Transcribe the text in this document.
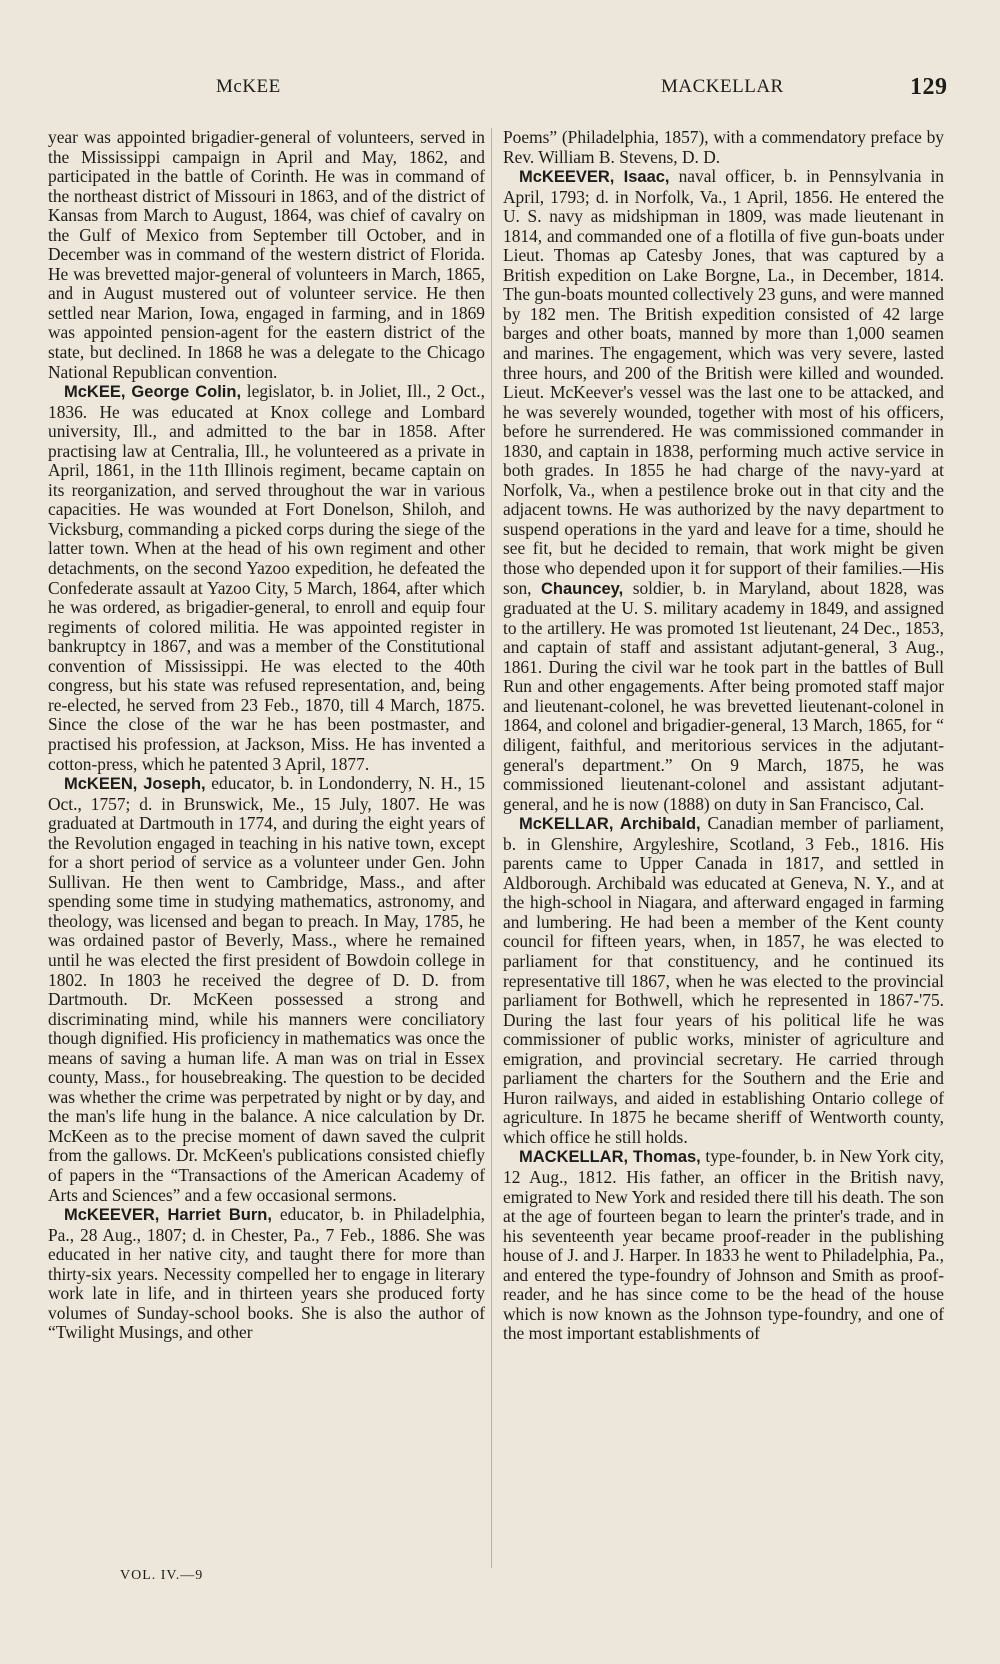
McKEE	MACKELLAR	129

year was appointed brigadier-general of volunteers, served in the Mississippi campaign in April and May, 1862, and participated in the battle of Corinth. He was in command of the northeast district of Missouri in 1863, and of the district of Kansas from March to August, 1864, was chief of cavalry on the Gulf of Mexico from September till October, and in December was in command of the western district of Florida. He was brevetted major-general of volunteers in March, 1865, and in August mustered out of volunteer service. He then settled near Marion, Iowa, engaged in farming, and in 1869 was appointed pension-agent for the eastern district of the state, but declined. In 1868 he was a delegate to the Chicago National Republican convention.

McKEE, George Colin, legislator, b. in Joliet, Ill., 2 Oct., 1836. He was educated at Knox college and Lombard university, Ill., and admitted to the bar in 1858. After practising law at Centralia, Ill., he volunteered as a private in April, 1861, in the 11th Illinois regiment, became captain on its reorganization, and served throughout the war in various capacities. He was wounded at Fort Donelson, Shiloh, and Vicksburg, commanding a picked corps during the siege of the latter town. When at the head of his own regiment and other detachments, on the second Yazoo expedition, he defeated the Confederate assault at Yazoo City, 5 March, 1864, after which he was ordered, as brigadier-general, to enroll and equip four regiments of colored militia. He was appointed register in bankruptcy in 1867, and was a member of the Constitutional convention of Mississippi. He was elected to the 40th congress, but his state was refused representation, and, being re-elected, he served from 23 Feb., 1870, till 4 March, 1875. Since the close of the war he has been postmaster, and practised his profession, at Jackson, Miss. He has invented a cotton-press, which he patented 3 April, 1877.

McKEEN, Joseph, educator, b. in Londonderry, N. H., 15 Oct., 1757; d. in Brunswick, Me., 15 July, 1807. He was graduated at Dartmouth in 1774, and during the eight years of the Revolution engaged in teaching in his native town, except for a short period of service as a volunteer under Gen. John Sullivan. He then went to Cambridge, Mass., and after spending some time in studying mathematics, astronomy, and theology, was licensed and began to preach. In May, 1785, he was ordained pastor of Beverly, Mass., where he remained until he was elected the first president of Bowdoin college in 1802. In 1803 he received the degree of D. D. from Dartmouth. Dr. McKeen possessed a strong and discriminating mind, while his manners were conciliatory though dignified. His proficiency in mathematics was once the means of saving a human life. A man was on trial in Essex county, Mass., for housebreaking. The question to be decided was whether the crime was perpetrated by night or by day, and the man's life hung in the balance. A nice calculation by Dr. McKeen as to the precise moment of dawn saved the culprit from the gallows. Dr. McKeen's publications consisted chiefly of papers in the “Transactions of the American Academy of Arts and Sciences” and a few occasional sermons.

McKEEVER, Harriet Burn, educator, b. in Philadelphia, Pa., 28 Aug., 1807; d. in Chester, Pa., 7 Feb., 1886. She was educated in her native city, and taught there for more than thirty-six years. Necessity compelled her to engage in literary work late in life, and in thirteen years she produced forty volumes of Sunday-school books. She is also the author of “Twilight Musings, and other

Poems” (Philadelphia, 1857), with a commendatory preface by Rev. William B. Stevens, D. D.

McKEEVER, Isaac, naval officer, b. in Pennsylvania in April, 1793; d. in Norfolk, Va., 1 April, 1856. He entered the U. S. navy as midshipman in 1809, was made lieutenant in 1814, and commanded one of a flotilla of five gun-boats under Lieut. Thomas ap Catesby Jones, that was captured by a British expedition on Lake Borgne, La., in December, 1814. The gun-boats mounted collectively 23 guns, and were manned by 182 men. The British expedition consisted of 42 large barges and other boats, manned by more than 1,000 seamen and marines. The engagement, which was very severe, lasted three hours, and 200 of the British were killed and wounded. Lieut. McKeever's vessel was the last one to be attacked, and he was severely wounded, together with most of his officers, before he surrendered. He was commissioned commander in 1830, and captain in 1838, performing much active service in both grades. In 1855 he had charge of the navy-yard at Norfolk, Va., when a pestilence broke out in that city and the adjacent towns. He was authorized by the navy department to suspend operations in the yard and leave for a time, should he see fit, but he decided to remain, that work might be given those who depended upon it for support of their families.—His son, Chauncey, soldier, b. in Maryland, about 1828, was graduated at the U. S. military academy in 1849, and assigned to the artillery. He was promoted 1st lieutenant, 24 Dec., 1853, and captain of staff and assistant adjutant-general, 3 Aug., 1861. During the civil war he took part in the battles of Bull Run and other engagements. After being promoted staff major and lieutenant-colonel, he was brevetted lieutenant-colonel in 1864, and colonel and brigadier-general, 13 March, 1865, for “ diligent, faithful, and meritorious services in the adjutant-general's department.” On 9 March, 1875, he was commissioned lieutenant-colonel and assistant adjutant-general, and he is now (1888) on duty in San Francisco, Cal.

McKELLAR, Archibald, Canadian member of parliament, b. in Glenshire, Argyleshire, Scotland, 3 Feb., 1816. His parents came to Upper Canada in 1817, and settled in Aldborough. Archibald was educated at Geneva, N. Y., and at the high-school in Niagara, and afterward engaged in farming and lumbering. He had been a member of the Kent county council for fifteen years, when, in 1857, he was elected to parliament for that constituency, and he continued its representative till 1867, when he was elected to the provincial parliament for Bothwell, which he represented in 1867-'75. During the last four years of his political life he was commissioner of public works, minister of agriculture and emigration, and provincial secretary. He carried through parliament the charters for the Southern and the Erie and Huron railways, and aided in establishing Ontario college of agriculture. In 1875 he became sheriff of Wentworth county, which office he still holds.

MACKELLAR, Thomas, type-founder, b. in New York city, 12 Aug., 1812. His father, an officer in the British navy, emigrated to New York and resided there till his death. The son at the age of fourteen began to learn the printer's trade, and in his seventeenth year became proof-reader in the publishing house of J. and J. Harper. In 1833 he went to Philadelphia, Pa., and entered the type-foundry of Johnson and Smith as proof-reader, and he has since come to be the head of the house which is now known as the Johnson type-foundry, and one of the most important establishments of

VOL. IV.—9
